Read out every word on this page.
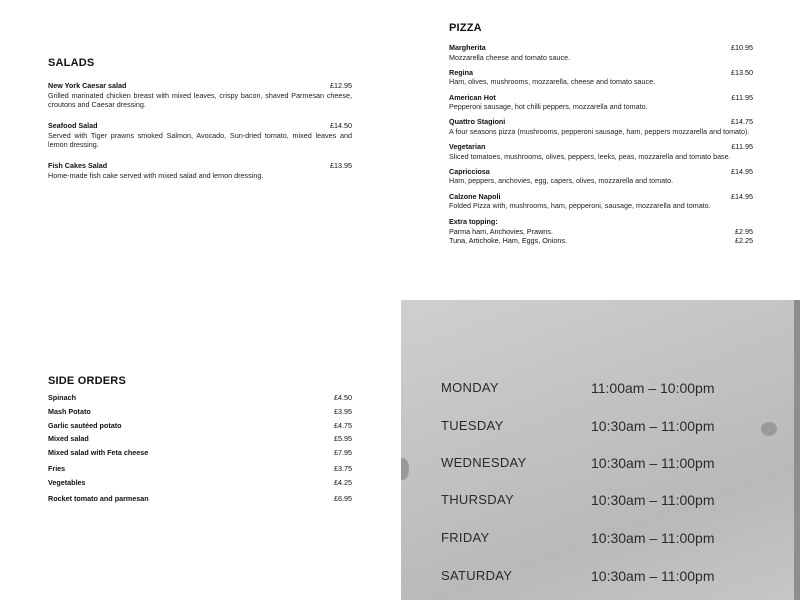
SALADS
New York Caesar salad	£12.95
Grilled marinated chicken breast with mixed leaves, crispy bacon, shaved Parmesan cheese, croutons and Caesar dressing.
Seafood Salad	£14.50
Served with Tiger prawns smoked Salmon, Avocado, Sun-dried tomato, mixed leaves and lemon dressing.
Fish Cakes Salad	£13.95
Home-made fish cake served with mixed salad and lemon dressing.
PIZZA
Margherita	£10.95
Mozzarella cheese and tomato sauce.
Regina	£13.50
Ham, olives, mushrooms, mozzarella, cheese and tomato sauce.
American Hot	£11.95
Pepperoni sausage, hot chilli peppers, mozzarella and tomato.
Quattro Stagioni	£14.75
A four seasons pizza (mushrooms, pepperoni sausage, ham, peppers mozzarella and tomato).
Vegetarian	£11.95
Sliced tomatoes, mushrooms, olives, peppers, leeks, peas, mozzarella and tomato base.
Capricciosa	£14.95
Ham, peppers, anchovies, egg, capers, olives, mozzarella and tomato.
Calzone Napoli	£14.95
Folded Pizza with, mushrooms, ham, pepperoni, sausage, mozzarella and tomato.
Extra topping:
Parma ham, Anchovies, Prawns.	£2.95
Tuna, Artichoke, Ham, Eggs, Onions.	£2.25
SIDE ORDERS
Spinach	£4.50
Mash Potato	£3.95
Garlic sautéed potato	£4.75
Mixed salad	£5.95
Mixed salad with Feta cheese	£7.95
Fries	£3.75
Vegetables	£4.25
Rocket tomato and parmesan	£6.95
MONDAY	11:00am – 10:00pm
TUESDAY	10:30am – 11:00pm
WEDNESDAY	10:30am – 11:00pm
THURSDAY	10:30am – 11:00pm
FRIDAY	10:30am – 11:00pm
SATURDAY	10:30am – 11:00pm
